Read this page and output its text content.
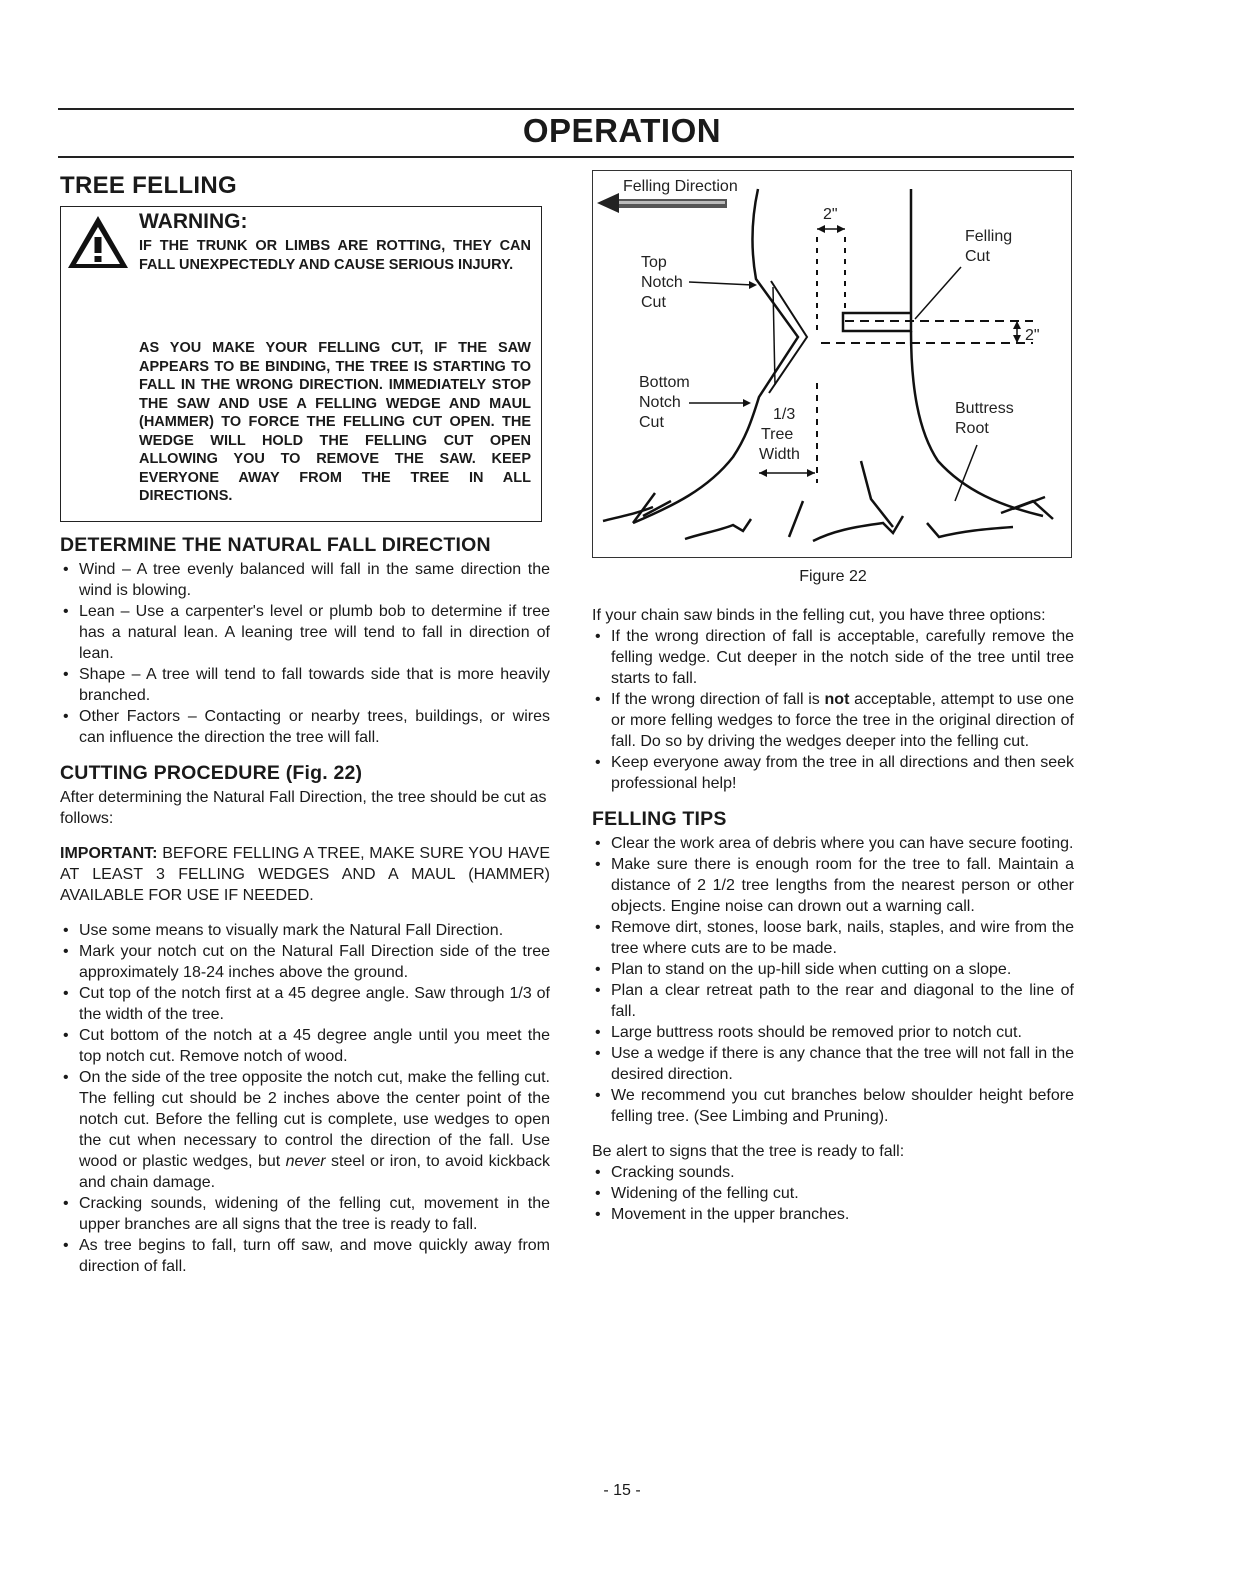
OPERATION
TREE FELLING

WARNING:

IF THE TRUNK OR LIMBS ARE ROTTING, THEY CAN FALL UNEXPECTEDLY AND CAUSE SERIOUS INJURY.

AS YOU MAKE YOUR FELLING CUT, IF THE SAW APPEARS TO BE BINDING, THE TREE IS STARTING TO FALL IN THE WRONG DIRECTION. IMMEDIATELY STOP THE SAW AND USE A FELLING WEDGE AND MAUL (HAMMER) TO FORCE THE FELLING CUT OPEN. THE WEDGE WILL HOLD THE FELLING CUT OPEN ALLOWING YOU TO REMOVE THE SAW. KEEP EVERYONE AWAY FROM THE TREE IN ALL DIRECTIONS.

DETERMINE THE NATURAL FALL DIRECTION
• Wind – A tree evenly balanced will fall in the same direction the wind is blowing.
• Lean – Use a carpenter's level or plumb bob to determine if tree has a natural lean. A leaning tree will tend to fall in direction of lean.
• Shape – A tree will tend to fall towards side that is more heavily branched.
• Other Factors – Contacting or nearby trees, buildings, or wires can influence the direction the tree will fall.
CUTTING PROCEDURE (Fig. 22)

After determining the Natural Fall Direction, the tree should be cut as follows:

IMPORTANT: BEFORE FELLING A TREE, MAKE SURE YOU HAVE AT LEAST 3 FELLING WEDGES AND A MAUL (HAMMER) AVAILABLE FOR USE IF NEEDED.

• Use some means to visually mark the Natural Fall Direction.
• Mark your notch cut on the Natural Fall Direction side of the tree approximately 18-24 inches above the ground.
• Cut top of the notch first at a 45 degree angle. Saw through 1/3 of the width of the tree.
• Cut bottom of the notch at a 45 degree angle until you meet the top notch cut. Remove notch of wood.
• On the side of the tree opposite the notch cut, make the felling cut. The felling cut should be 2 inches above the center point of the notch cut. Before the felling cut is complete, use wedges to open the cut when necessary to control the direction of the fall. Use wood or plastic wedges, but never steel or iron, to avoid kickback and chain damage.
• Cracking sounds, widening of the felling cut, movement in the upper branches are all signs that the tree is ready to fall.
• As tree begins to fall, turn off saw, and move quickly away from direction of fall.
Felling Direction
2"
2"
Felling
Cut
Top
Notch
Cut
Bottom
Notch
Cut	1/3
Tree
Width
Buttress
Root

Figure 22

If your chain saw binds in the felling cut, you have three options:

• If the wrong direction of fall is acceptable, carefully remove the felling wedge. Cut deeper in the notch side of the tree until tree starts to fall.
• If the wrong direction of fall is not acceptable, attempt to use one or more felling wedges to force the tree in the original direction of fall. Do so by driving the wedges deeper into the felling cut.
• Keep everyone away from the tree in all directions and then seek professional help!
FELLING TIPS
• Clear the work area of debris where you can have secure footing.
• Make sure there is enough room for the tree to fall. Maintain a distance of 2 1/2 tree lengths from the nearest person or other objects. Engine noise can drown out a warning call.
• Remove dirt, stones, loose bark, nails, staples, and wire from the tree where cuts are to be made.
• Plan to stand on the up-hill side when cutting on a slope.
• Plan a clear retreat path to the rear and diagonal to the line of fall.
• Large buttress roots should be removed prior to notch cut.
• Use a wedge if there is any chance that the tree will not fall in the desired direction.
• We recommend you cut branches below shoulder height before felling tree. (See Limbing and Pruning).

Be alert to signs that the tree is ready to fall:

• Cracking sounds.
• Widening of the felling cut.
• Movement in the upper branches.

- 15 -
